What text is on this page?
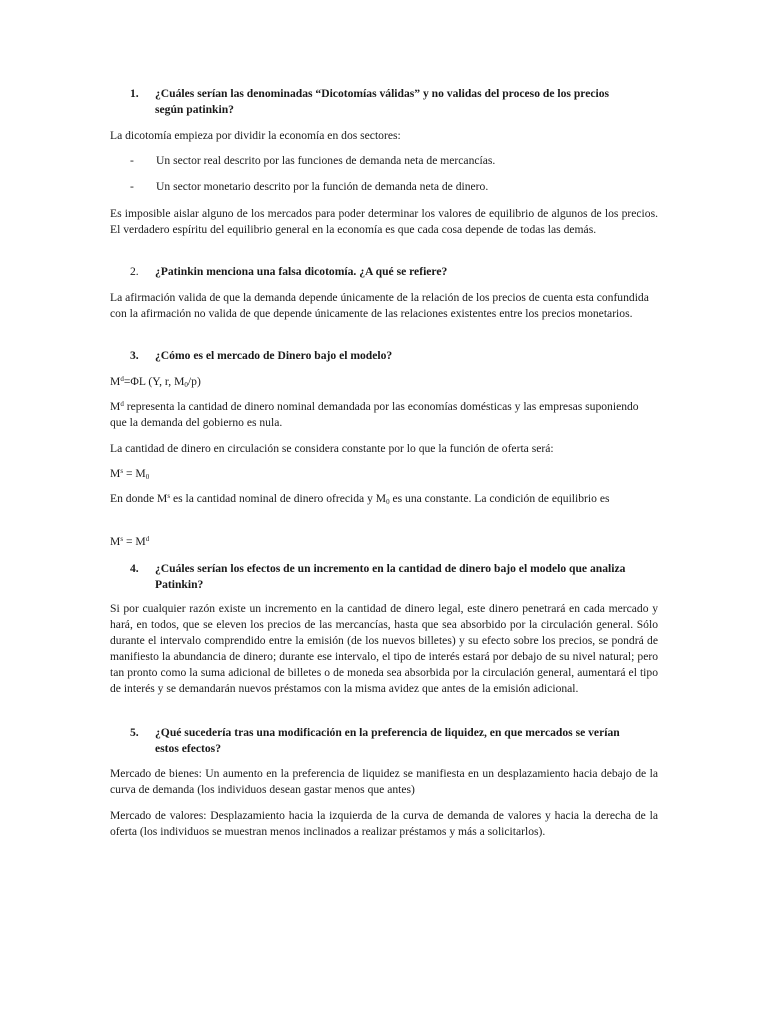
1.	¿Cuáles serían las denominadas “Dicotomías válidas” y no validas del proceso de los precios según patinkin?
La dicotomía empieza por dividir la economía en dos sectores:
-	Un sector real descrito por las funciones de demanda neta de mercancías.
-	Un sector monetario descrito por la función de demanda neta de dinero.
Es imposible aislar alguno de los mercados para poder determinar los valores de equilibrio de algunos de los precios. El verdadero espíritu del equilibrio general en la economía es que cada cosa depende de todas las demás.
2.	¿Patinkin menciona una falsa dicotomía. ¿A qué se refiere?
La afirmación valida de que la demanda depende únicamente de la relación de los precios de cuenta esta confundida con la afirmación no valida de que depende únicamente de las relaciones existentes entre los precios monetarios.
3.	¿Cómo es el mercado de Dinero bajo el modelo?
$M^d=\Phi L$ (Y, r, $M_0/p$)
$M^d$ representa la cantidad de dinero nominal demandada por las economías domésticas y las empresas suponiendo que la demanda del gobierno es nula.
La cantidad de dinero en circulación se considera constante por lo que la función de oferta será:
$M^s = M_0$
En donde $M^s$ es la cantidad nominal de dinero ofrecida y $M_0$ es una constante. La condición de equilibrio es
$M^s = M^d$
4.	¿Cuáles serían los efectos de un incremento en la cantidad de dinero bajo el modelo que analiza Patinkin?
Si por cualquier razón existe un incremento en la cantidad de dinero legal, este dinero penetrará en cada mercado y hará, en todos, que se eleven los precios de las mercancías, hasta que sea absorbido por la circulación general. Sólo durante el intervalo comprendido entre la emisión (de los nuevos billetes) y su efecto sobre los precios, se pondrá de manifiesto la abundancia de dinero; durante ese intervalo, el tipo de interés estará por debajo de su nivel natural; pero tan pronto como la suma adicional de billetes o de moneda sea absorbida por la circulación general, aumentará el tipo de interés y se demandarán nuevos préstamos con la misma avidez que antes de la emisión adicional.
5.	¿Qué sucedería tras una modificación en la preferencia de liquidez, en que mercados se verían estos efectos?
Mercado de bienes: Un aumento en la preferencia de liquidez se manifiesta en un desplazamiento hacia debajo de la curva de demanda (los individuos desean gastar menos que antes)
Mercado de valores: Desplazamiento hacia la izquierda de la curva de demanda de valores y hacia la derecha de la oferta (los individuos se muestran menos inclinados a realizar préstamos y más a solicitarlos).
